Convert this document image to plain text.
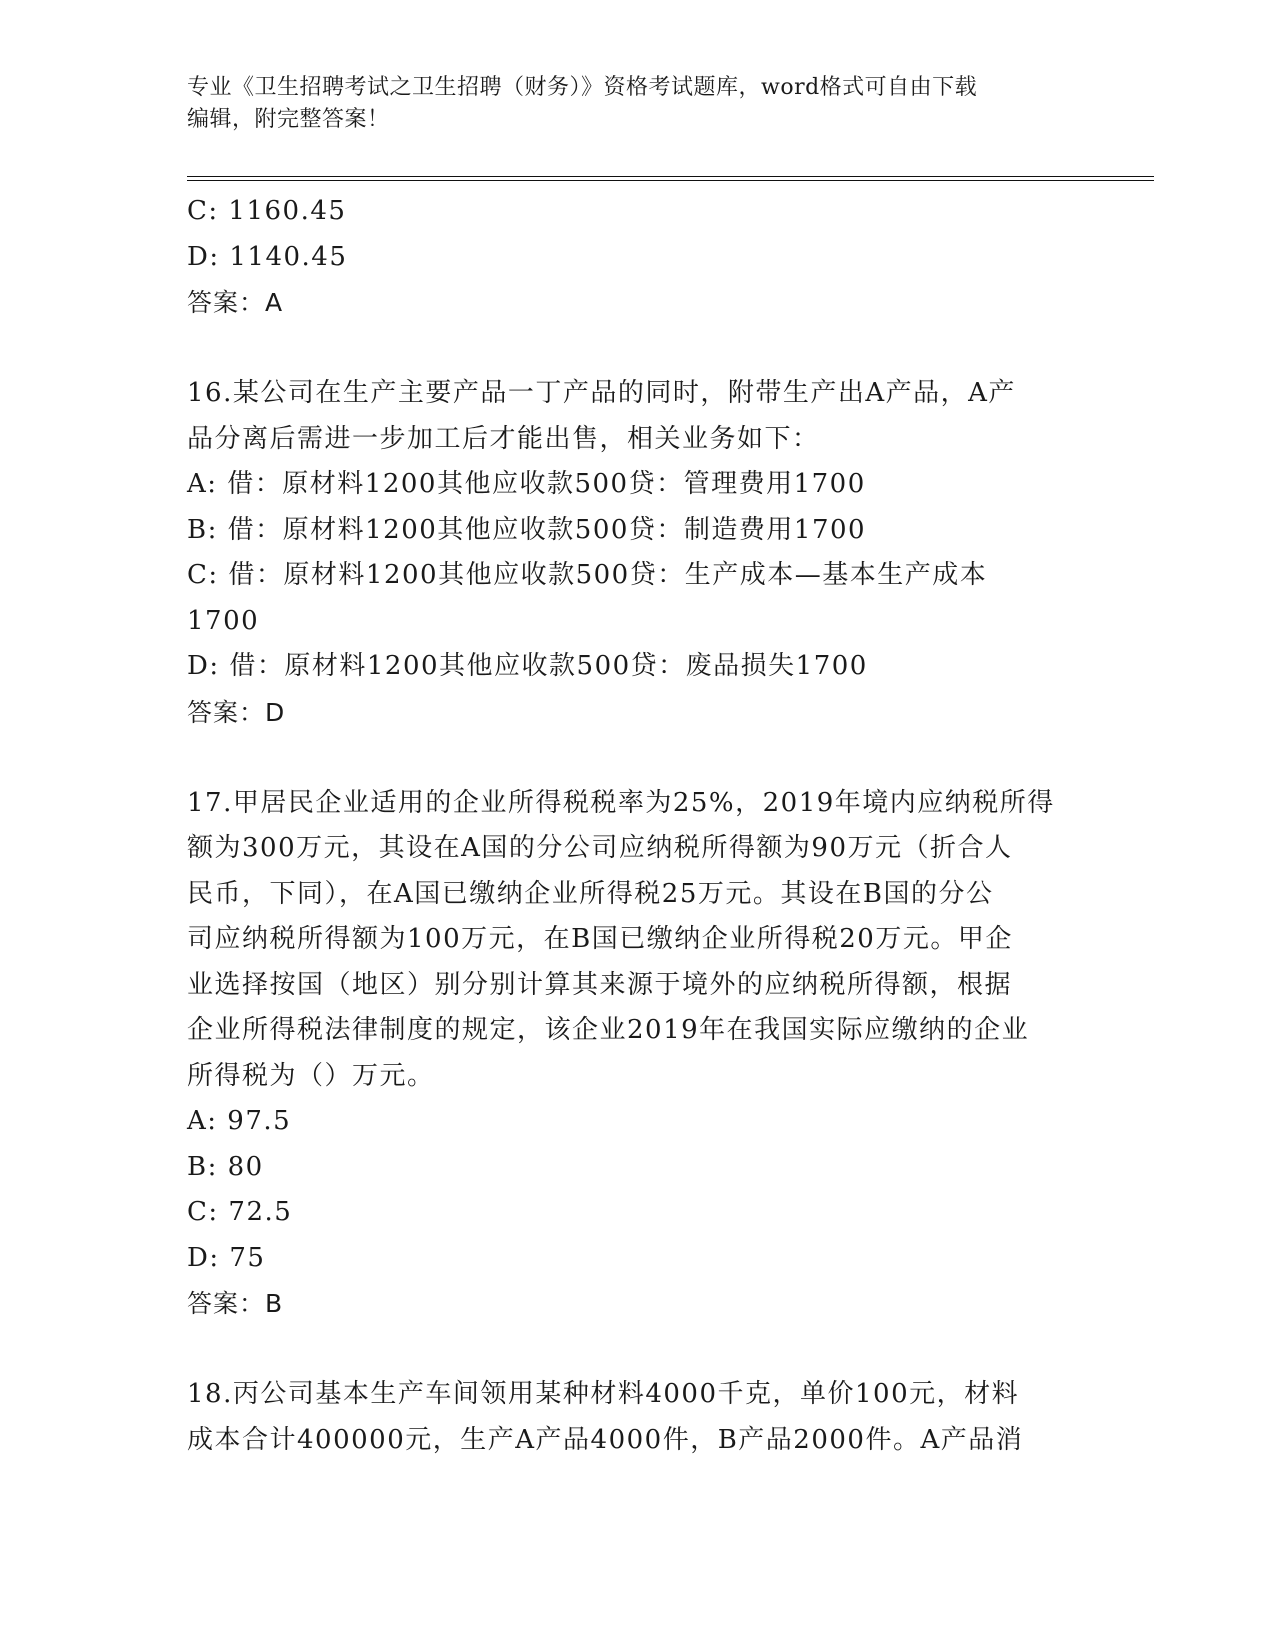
专业《卫生招聘考试之卫生招聘（财务）》资格考试题库，word格式可自由下载
编辑，附完整答案！
C: 1160.45
D: 1140.45
答案：A
16.某公司在生产主要产品一丁产品的同时，附带生产出A产品，A产
品分离后需进一步加工后才能出售，相关业务如下：
A: 借：原材料1200其他应收款500贷：管理费用1700
B: 借：原材料1200其他应收款500贷：制造费用1700
C: 借：原材料1200其他应收款500贷：生产成本—基本生产成本
1700
D: 借：原材料1200其他应收款500贷：废品损失1700
答案：D
17.甲居民企业适用的企业所得税税率为25%，2019年境内应纳税所得
额为300万元，其设在A国的分公司应纳税所得额为90万元（折合人
民币，下同），在A国已缴纳企业所得税25万元。其设在B国的分公
司应纳税所得额为100万元，在B国已缴纳企业所得税20万元。甲企
业选择按国（地区）别分别计算其来源于境外的应纳税所得额，根据
企业所得税法律制度的规定，该企业2019年在我国实际应缴纳的企业
所得税为（）万元。
A: 97.5
B: 80
C: 72.5
D: 75
答案：B
18.丙公司基本生产车间领用某种材料4000千克，单价100元，材料
成本合计400000元，生产A产品4000件，B产品2000件。A产品消
